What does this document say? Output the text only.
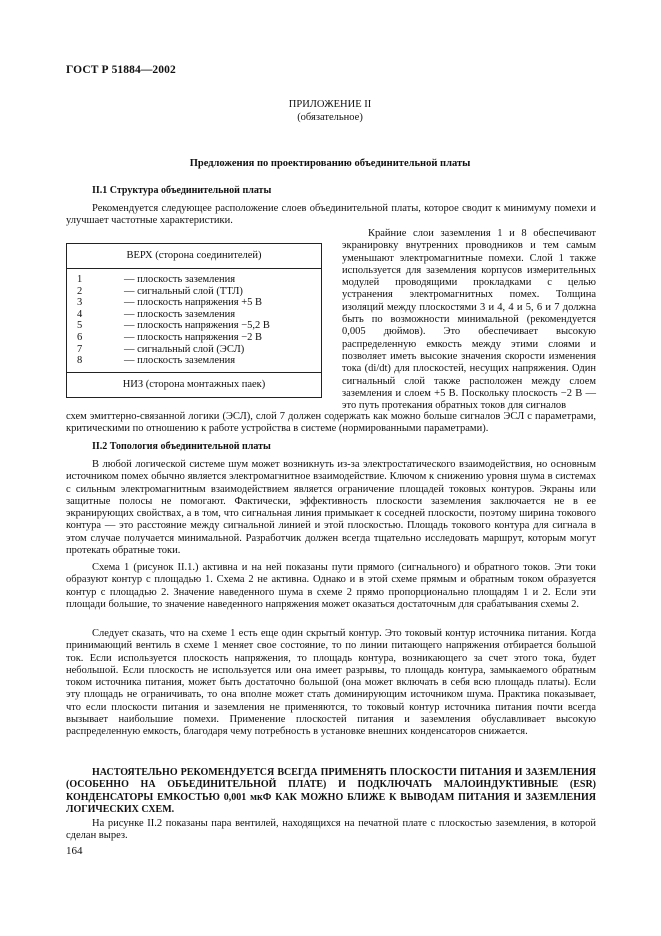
ГОСТ Р 51884—2002
ПРИЛОЖЕНИЕ II
(обязательное)
Предложения по проектированию объединительной платы
II.1 Структура объединительной платы
Рекомендуется следующее расположение слоев объединительной платы, которое сводит к минимуму помехи и улучшает частотные характеристики.
ВЕРХ (сторона соединителей)
1	— плоскость заземления
2	— сигнальный слой (ТТЛ)
3	— плоскость напряжения +5 В
4	— плоскость заземления
5	— плоскость напряжения −5,2 В
6	— плоскость напряжения −2 В
7	— сигнальный слой (ЭСЛ)
8	— плоскость заземления
НИЗ (сторона монтажных паек)
Крайние слои заземления 1 и 8 обеспечивают экранировку внутренних проводников и тем самым уменьшают электромагнитные помехи. Слой 1 также используется для заземления корпусов измерительных модулей проводящими прокладками с целью устранения электромагнитных помех. Толщина изоляций между плоскостями 3 и 4, 4 и 5, 6 и 7 должна быть по возможности минимальной (рекомендуется 0,005 дюймов). Это обеспечивает высокую распределенную емкость между этими слоями и позволяет иметь высокие значения скорости изменения тока (di/dt) для плоскостей, несущих напряжения. Один сигнальный слой также расположен между слоем заземления и слоем +5 В. Поскольку плоскость −2 В — это путь протекания обратных токов для сигналов
схем эмиттерно-связанной логики (ЭСЛ), слой 7 должен содержать как можно больше сигналов ЭСЛ с параметрами, критическими по отношению к работе устройства в системе (нормированными параметрами).
II.2 Топология объединительной платы
В любой логической системе шум может возникнуть из-за электростатического взаимодействия, но основным источником помех обычно является электромагнитное взаимодействие. Ключом к снижению уровня шума в системах с сильным электромагнитным взаимодействием является ограничение площадей токовых контуров. Экраны или защитные полосы не помогают. Фактически, эффективность плоскости заземления заключается не в ее экранирующих свойствах, а в том, что сигнальная линия примыкает к соседней плоскости, поэтому ширина токового контура — это расстояние между сигнальной линией и этой плоскостью. Площадь токового контура для сигнала в этом случае получается минимальной. Разработчик должен всегда тщательно исследовать маршрут, которым могут протекать обратные токи.
Схема 1 (рисунок II.1.) активна и на ней показаны пути прямого (сигнального) и обратного токов. Эти токи образуют контур с площадью 1. Схема 2 не активна. Однако и в этой схеме прямым и обратным током образуется контур с площадью 2. Значение наведенного шума в схеме 2 прямо пропорционально площадям 1 и 2. Если эти площади большие, то значение наведенного напряжения может оказаться достаточным для срабатывания схемы 2.
Следует сказать, что на схеме 1 есть еще один скрытый контур. Это токовый контур источника питания. Когда принимающий вентиль в схеме 1 меняет свое состояние, то по линии питающего напряжения отбирается большой ток. Если используется плоскость напряжения, то площадь контура, возникающего за счет этого тока, будет небольшой. Если плоскость не используется или она имеет разрывы, то площадь контура, замыкаемого обратным током источника питания, может быть достаточно большой (она может включать в себя всю площадь платы). Если эту площадь не ограничивать, то она вполне может стать доминирующим источником шума. Практика показывает, что если плоскости питания и заземления не применяются, то токовый контур источника питания почти всегда вызывает наибольшие помехи. Применение плоскостей питания и заземления обуславливает высокую распределенную емкость, благодаря чему потребность в установке внешних конденсаторов снижается.
НАСТОЯТЕЛЬНО РЕКОМЕНДУЕТСЯ ВСЕГДА ПРИМЕНЯТЬ ПЛОСКОСТИ ПИТАНИЯ И ЗАЗЕМЛЕНИЯ (ОСОБЕННО НА ОБЪЕДИНИТЕЛЬНОЙ ПЛАТЕ) И ПОДКЛЮЧАТЬ МАЛОИНДУКТИВНЫЕ (ESR) КОНДЕНСАТОРЫ ЕМКОСТЬЮ 0,001 мкФ КАК МОЖНО БЛИЖЕ К ВЫВОДАМ ПИТАНИЯ И ЗАЗЕМЛЕНИЯ ЛОГИЧЕСКИХ СХЕМ.
На рисунке II.2 показаны пара вентилей, находящихся на печатной плате с плоскостью заземления, в которой сделан вырез.
164
